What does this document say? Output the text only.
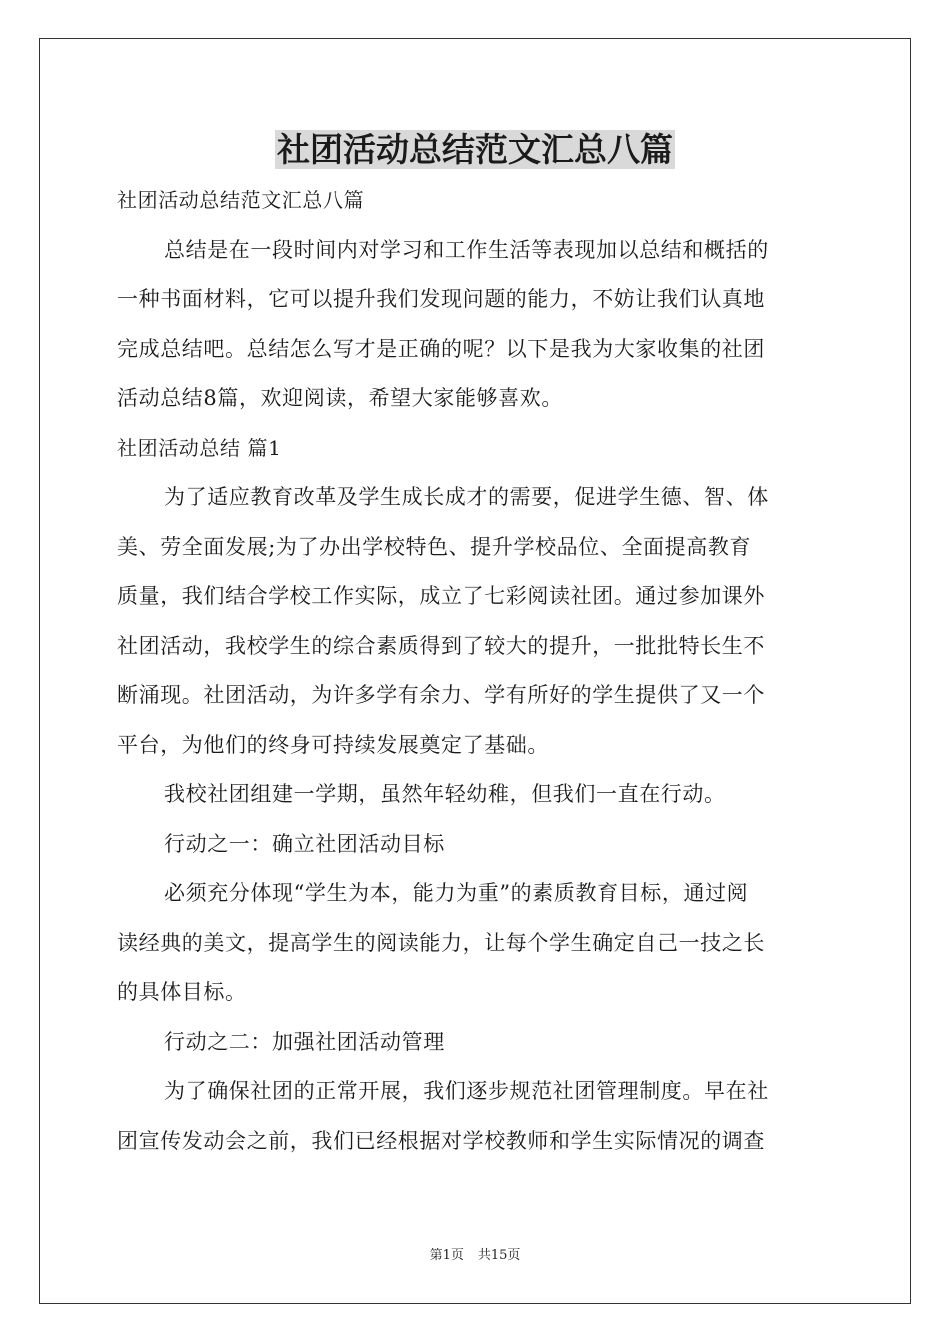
社团活动总结范文汇总八篇
社团活动总结范文汇总八篇
总结是在一段时间内对学习和工作生活等表现加以总结和概括的
一种书面材料，它可以提升我们发现问题的能力，不妨让我们认真地
完成总结吧。总结怎么写才是正确的呢？以下是我为大家收集的社团
活动总结8篇，欢迎阅读，希望大家能够喜欢。
社团活动总结 篇1
为了适应教育改革及学生成长成才的需要，促进学生德、智、体
美、劳全面发展;为了办出学校特色、提升学校品位、全面提高教育
质量，我们结合学校工作实际，成立了七彩阅读社团。通过参加课外
社团活动，我校学生的综合素质得到了较大的提升，一批批特长生不
断涌现。社团活动，为许多学有余力、学有所好的学生提供了又一个
平台，为他们的终身可持续发展奠定了基础。
我校社团组建一学期，虽然年轻幼稚，但我们一直在行动。
行动之一：确立社团活动目标
必须充分体现“学生为本，能力为重”的素质教育目标，通过阅
读经典的美文，提高学生的阅读能力，让每个学生确定自己一技之长
的具体目标。
行动之二：加强社团活动管理
为了确保社团的正常开展，我们逐步规范社团管理制度。早在社
团宣传发动会之前，我们已经根据对学校教师和学生实际情况的调查
第1页 共15页
